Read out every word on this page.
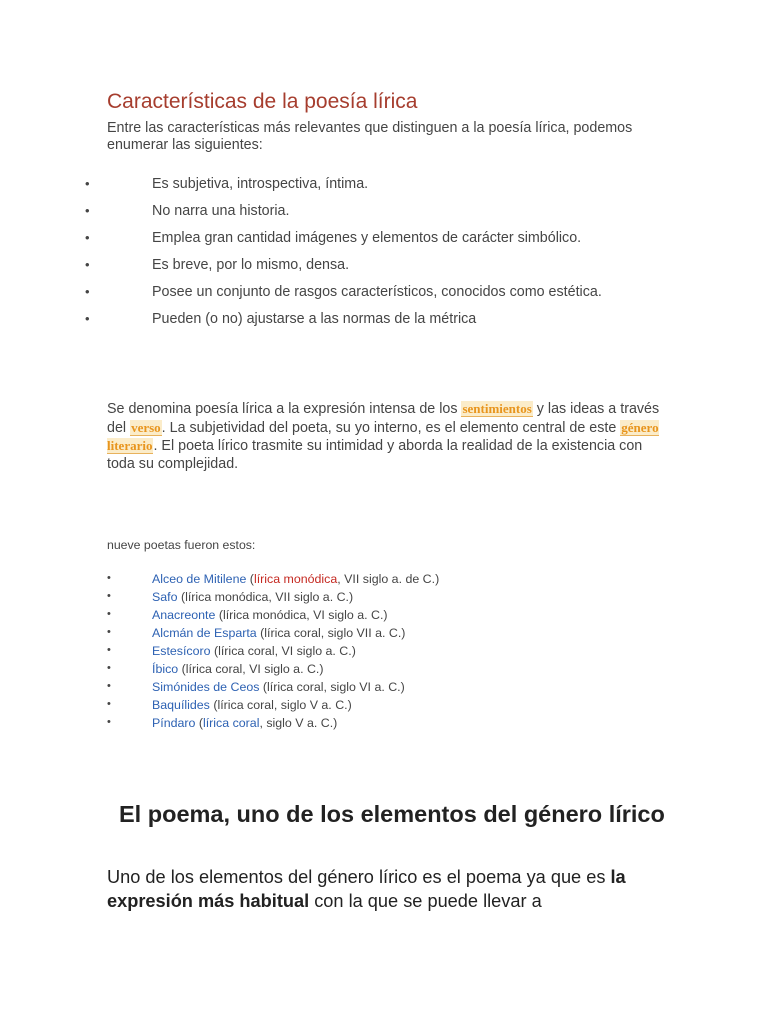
Características de la poesía lírica
Entre las características más relevantes que distinguen a la poesía lírica, podemos enumerar las siguientes:
•	Es subjetiva, introspectiva, íntima.
•	No narra una historia.
•	Emplea gran cantidad imágenes y elementos de carácter simbólico.
•	Es breve, por lo mismo, densa.
•	Posee un conjunto de rasgos característicos, conocidos como estética.
•	Pueden (o no) ajustarse a las normas de la métrica
Se denomina poesía lírica a la expresión intensa de los sentimientos y las ideas a través del verso. La subjetividad del poeta, su yo interno, es el elemento central de este género literario. El poeta lírico trasmite su intimidad y aborda la realidad de la existencia con toda su complejidad.
nueve poetas fueron estos:
•	Alceo de Mitilene (lírica monódica, VII siglo a. de C.)
•	Safo (lírica monódica, VII siglo a. C.)
•	Anacreonte (lírica monódica, VI siglo a. C.)
•	Alcmán de Esparta (lírica coral, siglo VII a. C.)
•	Estesícoro (lírica coral, VI siglo a. C.)
•	Íbico (lírica coral, VI siglo a. C.)
•	Simónides de Ceos (lírica coral, siglo VI a. C.)
•	Baquílides (lírica coral, siglo V a. C.)
•	Píndaro (lírica coral, siglo V a. C.)
El poema, uno de los elementos del género lírico
Uno de los elementos del género lírico es el poema ya que es la expresión más habitual con la que se puede llevar a
